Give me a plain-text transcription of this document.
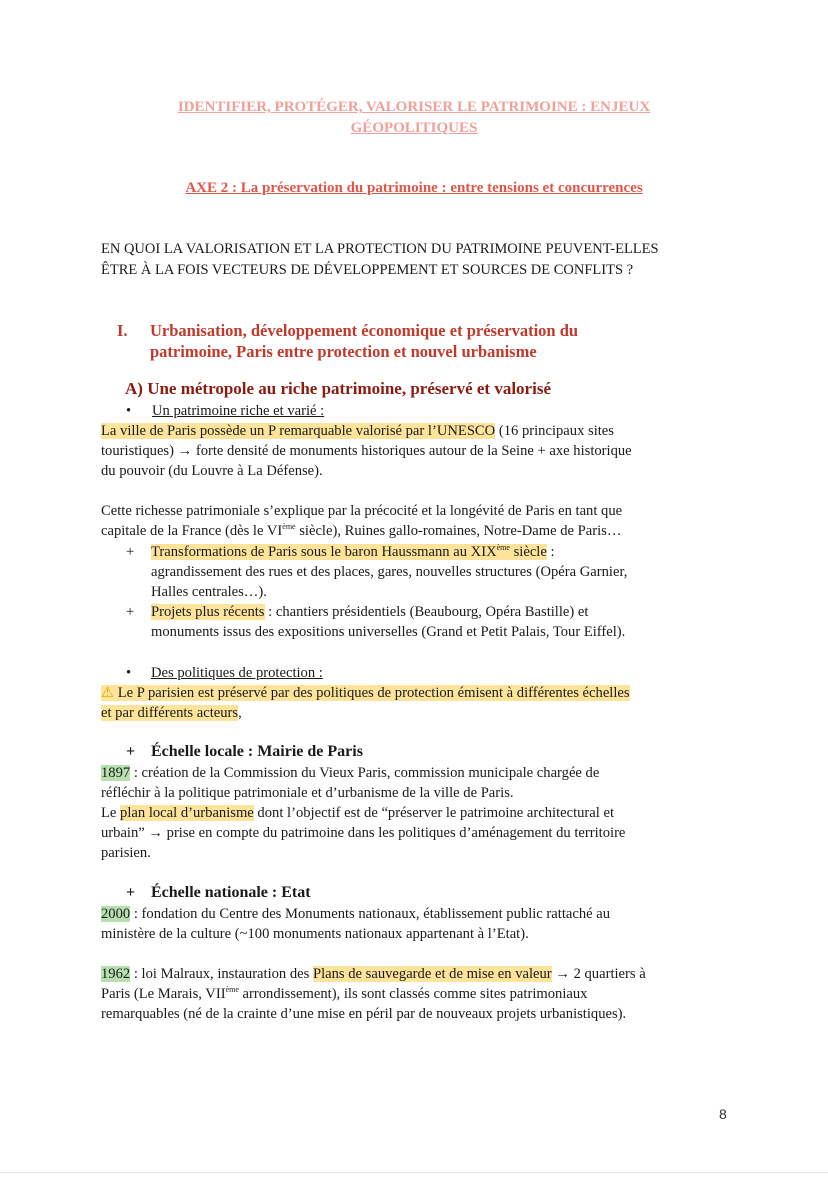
IDENTIFIER, PROTÉGER, VALORISER LE PATRIMOINE : ENJEUX
GÉOPOLITIQUES
AXE 2 : La préservation du patrimoine : entre tensions et concurrences
EN QUOI LA VALORISATION ET LA PROTECTION DU PATRIMOINE PEUVENT-ELLES
ÊTRE À LA FOIS VECTEURS DE DÉVELOPPEMENT ET SOURCES DE CONFLITS ?
I. Urbanisation, développement économique et préservation du
patrimoine, Paris entre protection et nouvel urbanisme
A) Une métropole au riche patrimoine, préservé et valorisé
• Un patrimoine riche et varié :
La ville de Paris possède un P remarquable valorisé par l’UNESCO (16 principaux sites
touristiques) → forte densité de monuments historiques autour de la Seine + axe historique
du pouvoir (du Louvre à La Défense).
Cette richesse patrimoniale s’explique par la précocité et la longévité de Paris en tant que
capitale de la France (dès le VIème siècle), Ruines gallo-romaines, Notre-Dame de Paris…
+ Transformations de Paris sous le baron Haussmann au XIXème siècle :
agrandissement des rues et des places, gares, nouvelles structures (Opéra Garnier,
Halles centrales…).
+ Projets plus récents : chantiers présidentiels (Beaubourg, Opéra Bastille) et
monuments issus des expositions universelles (Grand et Petit Palais, Tour Eiffel).
• Des politiques de protection :
⚠ Le P parisien est préservé par des politiques de protection émisent à différentes échelles
et par différents acteurs,
+ Échelle locale : Mairie de Paris
1897 : création de la Commission du Vieux Paris, commission municipale chargée de
réfléchir à la politique patrimoniale et d’urbanisme de la ville de Paris.
Le plan local d’urbanisme dont l’objectif est de “préserver le patrimoine architectural et
urbain” → prise en compte du patrimoine dans les politiques d’aménagement du territoire
parisien.
+ Échelle nationale : Etat
2000 : fondation du Centre des Monuments nationaux, établissement public rattaché au
ministère de la culture (~100 monuments nationaux appartenant à l’Etat).
1962 : loi Malraux, instauration des Plans de sauvegarde et de mise en valeur → 2 quartiers à
Paris (Le Marais, VIIème arrondissement), ils sont classés comme sites patrimoniaux
remarquables (né de la crainte d’une mise en péril par de nouveaux projets urbanistiques).
8
